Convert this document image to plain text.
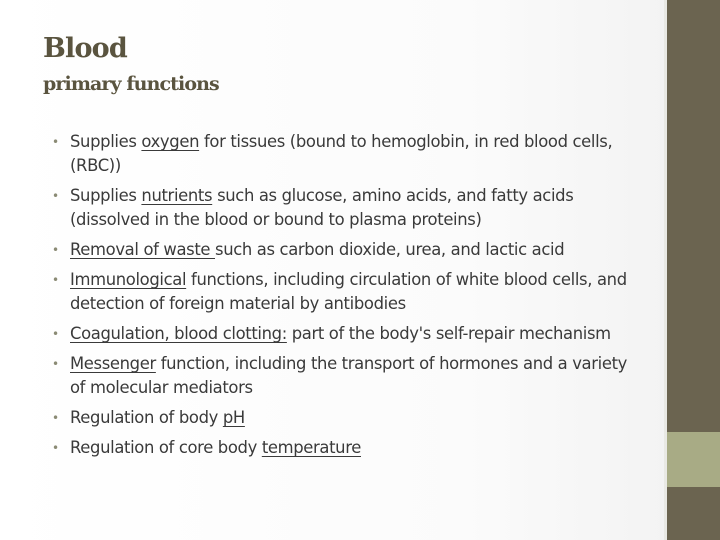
Blood
primary functions
• Supplies oxygen for tissues (bound to hemoglobin, in red blood cells, (RBC))
• Supplies nutrients such as glucose, amino acids, and fatty acids (dissolved in the blood or bound to plasma proteins)
• Removal of waste such as carbon dioxide, urea, and lactic acid
• Immunological functions, including circulation of white blood cells, and detection of foreign material by antibodies
• Coagulation, blood clotting: part of the body's self-repair mechanism
• Messenger function, including the transport of hormones and a variety of molecular mediators
• Regulation of body pH
• Regulation of core body temperature
